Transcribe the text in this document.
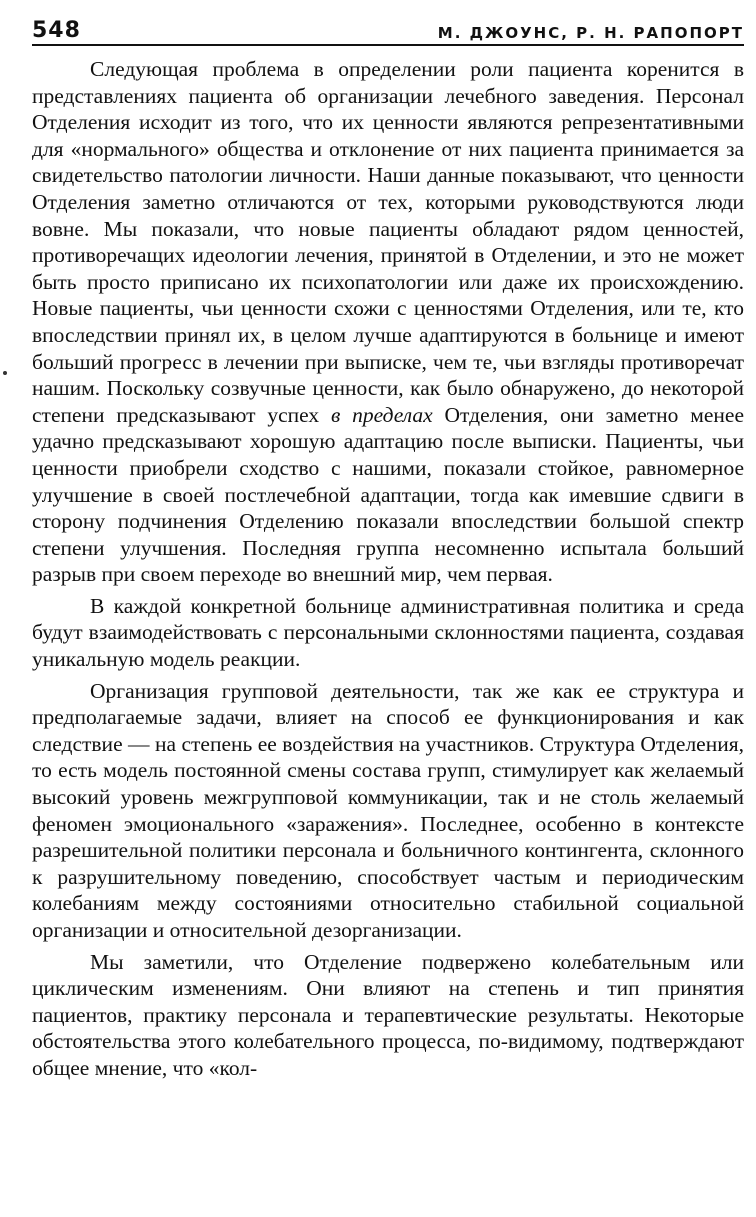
548	М. ДЖОУНС, Р. Н. РАПОПОРТ

Следующая проблема в определении роли пациента коренится в представлениях пациента об организации лечебного заведения. Персонал Отделения исходит из того, что их ценности являются репрезентативными для «нормального» общества и отклонение от них пациента принимается за свидетельство патологии личности. Наши данные показывают, что ценности Отделения заметно отличаются от тех, которыми руководствуются люди вовне. Мы показали, что новые пациенты обладают рядом ценностей, противоречащих идеологии лечения, принятой в Отделении, и это не может быть просто приписано их психопатологии или даже их происхождению. Новые пациенты, чьи ценности схожи с ценностями Отделения, или те, кто впоследствии принял их, в целом лучше адаптируются в больнице и имеют больший прогресс в лечении при выписке, чем те, чьи взгляды противоречат нашим. Поскольку созвучные ценности, как было обнаружено, до некоторой степени предсказывают успех в пределах Отделения, они заметно менее удачно предсказывают хорошую адаптацию после выписки. Пациенты, чьи ценности приобрели сходство с нашими, показали стойкое, равномерное улучшение в своей постлечебной адаптации, тогда как имевшие сдвиги в сторону подчинения Отделению показали впоследствии большой спектр степени улучшения. Последняя группа несомненно испытала больший разрыв при своем переходе во внешний мир, чем первая.

В каждой конкретной больнице административная политика и среда будут взаимодействовать с персональными склонностями пациента, создавая уникальную модель реакции.

Организация групповой деятельности, так же как ее структура и предполагаемые задачи, влияет на способ ее функционирования и как следствие — на степень ее воздействия на участников. Структура Отделения, то есть модель постоянной смены состава групп, стимулирует как желаемый высокий уровень межгрупповой коммуникации, так и не столь желаемый феномен эмоционального «заражения». Последнее, особенно в контексте разрешительной политики персонала и больничного контингента, склонного к разрушительному поведению, способствует частым и периодическим колебаниям между состояниями относительно стабильной социальной организации и относительной дезорганизации.

Мы заметили, что Отделение подвержено колебательным или циклическим изменениям. Они влияют на степень и тип принятия пациентов, практику персонала и терапевтические результаты. Некоторые обстоятельства этого колебательного процесса, по-видимому, подтверждают общее мнение, что «кол-
